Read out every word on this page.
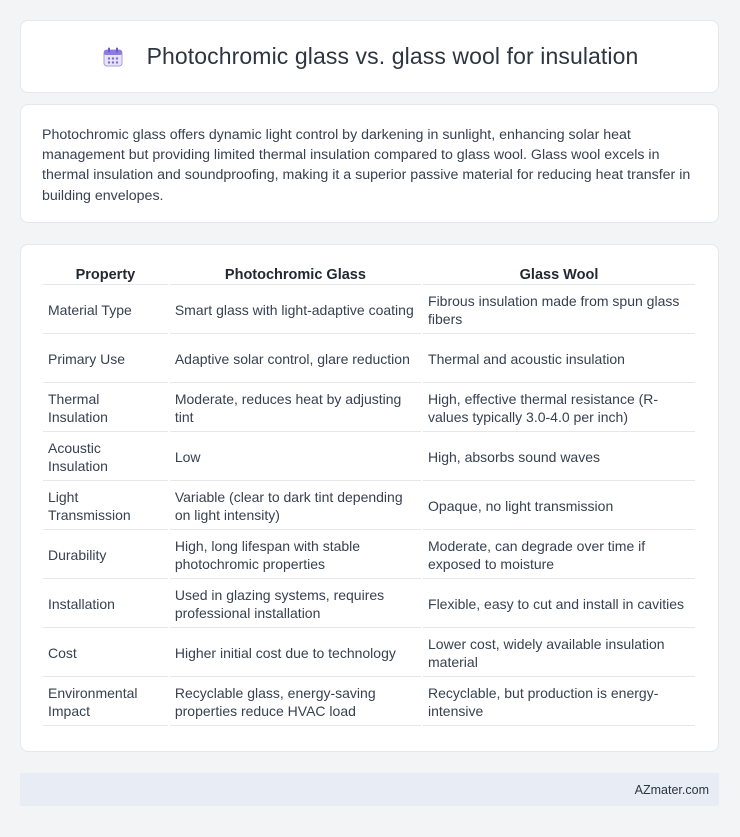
Photochromic glass vs. glass wool for insulation

Photochromic glass offers dynamic light control by darkening in sunlight, enhancing solar heat management but providing limited thermal insulation compared to glass wool. Glass wool excels in thermal insulation and soundproofing, making it a superior passive material for reducing heat transfer in building envelopes.

Property	Photochromic Glass	Glass Wool
Material Type	Smart glass with light-adaptive coating	Fibrous insulation made from spun glass fibers
Primary Use	Adaptive solar control, glare reduction	Thermal and acoustic insulation
Thermal Insulation	Moderate, reduces heat by adjusting tint	High, effective thermal resistance (R-values typically 3.0-4.0 per inch)
Acoustic Insulation	Low	High, absorbs sound waves
Light Transmission	Variable (clear to dark tint depending on light intensity)	Opaque, no light transmission
Durability	High, long lifespan with stable photochromic properties	Moderate, can degrade over time if exposed to moisture
Installation	Used in glazing systems, requires professional installation	Flexible, easy to cut and install in cavities
Cost	Higher initial cost due to technology	Lower cost, widely available insulation material
Environmental Impact	Recyclable glass, energy-saving properties reduce HVAC load	Recyclable, but production is energy-intensive
AZmater.com
